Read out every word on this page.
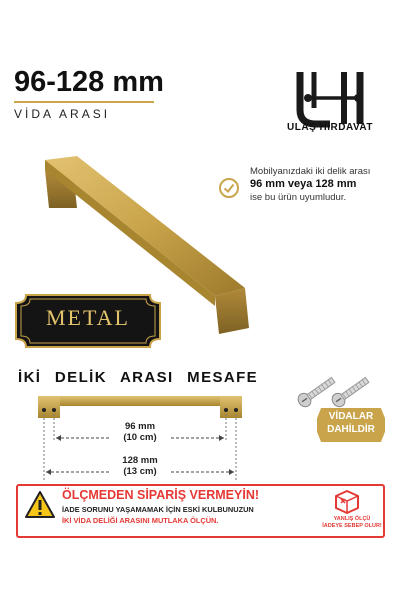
96-128 mm
VİDA ARASI
ULAŞ HIRDAVAT
Mobilyanızdaki iki delik arası
96 mm veya 128 mm
ise bu ürün uyumludur.
METAL
İKİ DELİK ARASI MESAFE
96 mm
(10 cm)
128 mm
(13 cm)
VİDALAR
DAHİLDİR
ÖLÇMEDEN SİPARİŞ VERMEYİN!
İADE SORUNU YAŞAMAMAK İÇİN ESKİ KULBUNUZUN
İKİ VİDA DELİĞİ ARASINI MUTLAKA ÖLÇÜN.	YANLIŞ ÖLÇÜ
İADEYE SEBEP OLUR!
